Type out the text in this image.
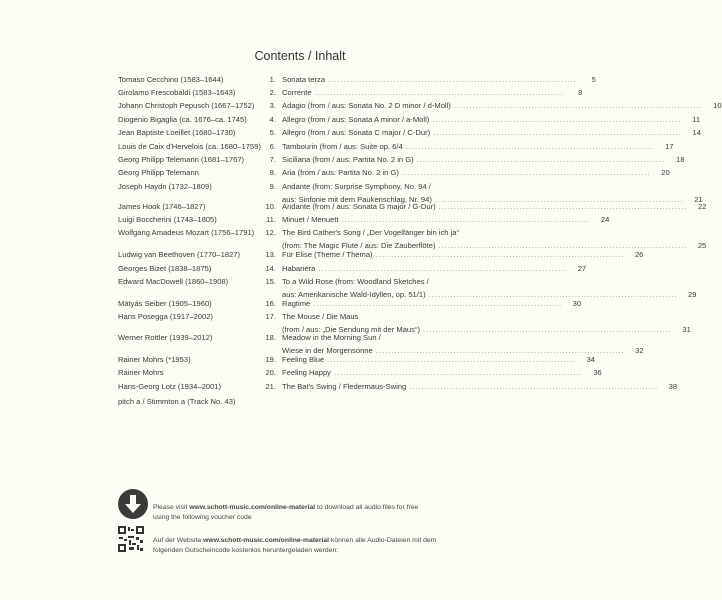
Contents / Inhalt
Tomaso Cecchino (1583–1644)	1. Sonata terza ................................................................................	5
Girolamo Frescobaldi (1583–1643)	2. Corrente ................................................................................	8
Johann Christoph Pepusch (1667–1752)	3. Adagio (from / aus: Sonata No. 2 D minor / d-Moll) ................................................................................	10
Diogenio Bigaglia (ca. 1676–ca. 1745)	4. Allegro (from / aus: Sonata A minor / a-Moll) ................................................................................	11
Jean Baptiste Loeillet (1680–1730)	5. Allegro (from / aus: Sonata C major / C-Dur) ................................................................................	14
Louis de Caix d'Hervelois (ca. 1680–1759)	6. Tambourin (from / aus: Suite op. 6/4 ................................................................................	17
Georg Philipp Telemann (1681–1767)	7. Siciliana (from / aus: Partita No. 2 in G) ................................................................................	18
Georg Philipp Telemann	8. Aria (from / aus: Partita No. 2 in G) ................................................................................	20
Joseph Haydn (1732–1809)	9. Andante (from: Surprise Symphony, No. 94 /
aus: Sinfonie mit dem Paukenschlag, Nr. 94) ................................................................................	21
James Hook (1746–1827)	10. Andante (from / aus: Sonata G major / G-Dur) ................................................................................	22
Luigi Boccherini (1743–1805)	11. Minuet / Menuett ................................................................................	24
Wolfgang Amadeus Mozart (1756–1791)	12. The Bird Cather's Song / „Der Vogelfänger bin ich ja“
(from: The Magic Flute / aus: Die Zauberflöte) ................................................................................	25
Ludwig van Beethoven (1770–1827)	13. Für Elise (Theme / Thema) ................................................................................	26
Georges Bizet (1838–1875)	14. Habanera ................................................................................	27
Edward MacDowell (1860–1908)	15. To a Wild Rose (from: Woodland Sketches /
aus: Amerikanische Wald-Idyllen, op. 51/1) ................................................................................	29
Mátyás Seiber (1905–1960)	16. Ragtime ................................................................................	30
Hans Posegga (1917–2002)	17. The Mouse / Die Maus
(from / aus: „Die Sendung mit der Maus“) ................................................................................	31
Werner Rottler (1939–2012)	18. Meadow in the Morning Sun /
Wiese in der Morgensonne ................................................................................	32
Rainer Mohrs (*1953)	19. Feeling Blue ................................................................................	34
Rainer Mohrs	20. Feeling Happy ................................................................................	36
Hans-Georg Lotz (1934–2001)	21. The Bat's Swing / Fledermaus-Swing ................................................................................	38
pitch a / Stimmton a (Track No. 43)
Please visit www.schott-music.com/online-material to download all audio files for free
using the following voucher code
Auf der Website www.schott-music.com/online-material können alle Audio-Dateien mit dem
folgenden Gutscheincode kostenlos heruntergeladen werden:
